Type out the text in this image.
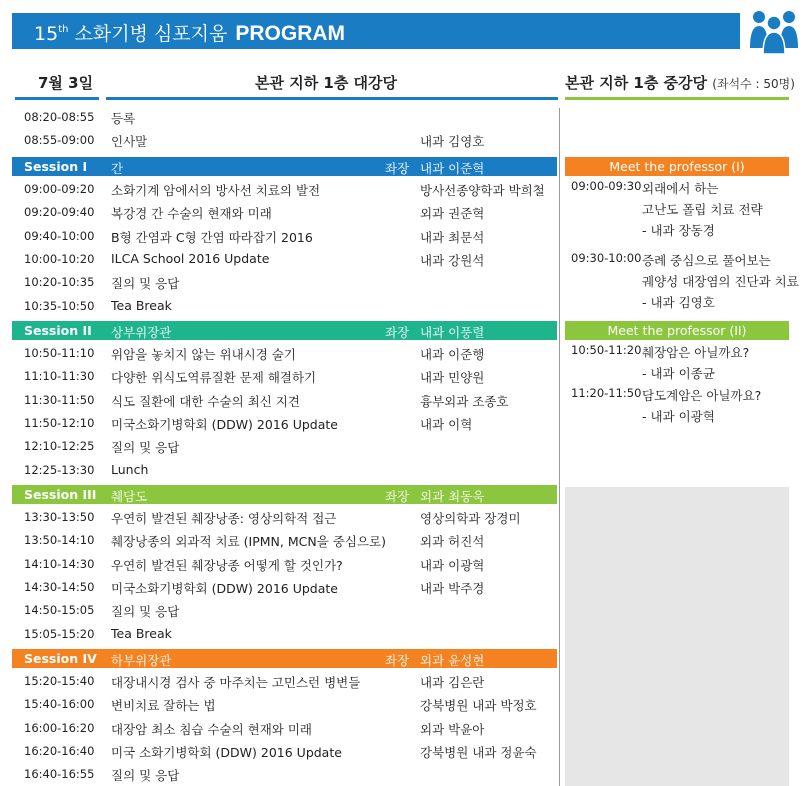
15th 소화기병 심포지움 PROGRAM
7월 3일	본관 지하 1층 대강당	본관 지하 1층 중강당 (좌석수 : 50명)
08:20-08:55 등록
08:55-09:00 인사말	내과 김영호
Session I 간	좌장 내과 이준혁
09:00-09:20 소화기계 암에서의 방사선 치료의 발전	방사선종양학과 박희철
09:20-09:40 복강경 간 수술의 현재와 미래	외과 권준혁
09:40-10:00 B형 간염과 C형 간염 따라잡기 2016	내과 최문석
10:00-10:20 ILCA School 2016 Update	내과 강원석
10:20-10:35 질의 및 응답
10:35-10:50 Tea Break
Session II 상부위장관	좌장 내과 이풍렬
10:50-11:10 위암을 놓치지 않는 위내시경 술기	내과 이준행
11:10-11:30 다양한 위식도역류질환 문제 해결하기	내과 민양원
11:30-11:50 식도 질환에 대한 수술의 최신 지견	흉부외과 조종호
11:50-12:10 미국소화기병학회 (DDW) 2016 Update	내과 이혁
12:10-12:25 질의 및 응답
12:25-13:30 Lunch
Session III 췌담도	좌장 외과 최동욱
13:30-13:50 우연히 발견된 췌장낭종: 영상의학적 접근	영상의학과 장경미
13:50-14:10 췌장낭종의 외과적 치료 (IPMN, MCN을 중심으로)	외과 허진석
14:10-14:30 우연히 발견된 췌장낭종 어떻게 할 것인가?	내과 이광혁
14:30-14:50 미국소화기병학회 (DDW) 2016 Update	내과 박주경
14:50-15:05 질의 및 응답
15:05-15:20 Tea Break
Session IV 하부위장관	좌장 외과 윤성현
15:20-15:40 대장내시경 검사 중 마주치는 고민스런 병변들	내과 김은란
15:40-16:00 변비치료 잘하는 법	강북병원 내과 박정호
16:00-16:20 대장암 최소 침습 수술의 현재와 미래	외과 박윤아
16:20-16:40 미국 소화기병학회 (DDW) 2016 Update	강북병원 내과 정윤숙
16:40-16:55 질의 및 응답
Meet the professor (I)
09:00-09:30 외래에서 하는
고난도 폴립 치료 전략
- 내과 장동경
09:30-10:00 증례 중심으로 풀어보는
궤양성 대장염의 진단과 치료
- 내과 김영호
Meet the professor (II)
10:50-11:20 췌장암은 아닐까요?
- 내과 이종균
11:20-11:50 담도계암은 아닐까요?
- 내과 이광혁
